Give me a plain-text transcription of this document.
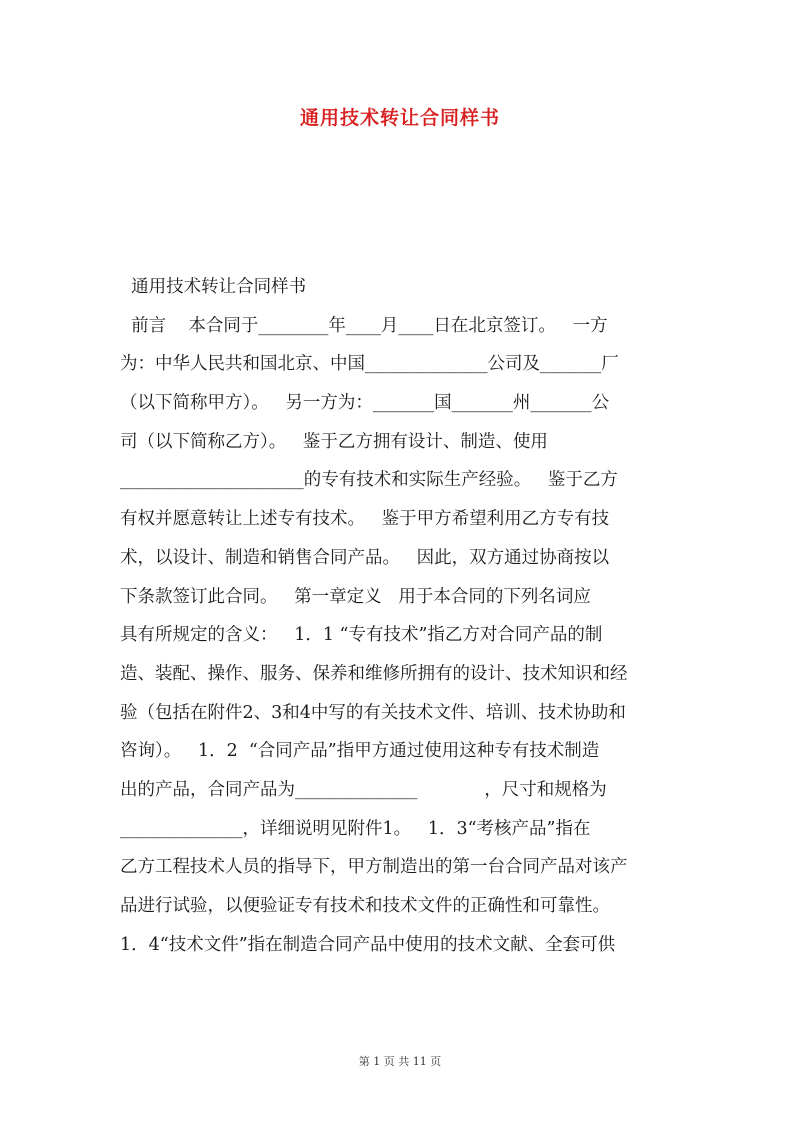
通用技术转让合同样书
通用技术转让合同样书
前言    本合同于________年____月____日在北京签订。   一方
为：中华人民共和国北京、中国______________公司及_______厂
（以下简称甲方）。   另一方为：_______国_______州_______公
司（以下简称乙方）。   鉴于乙方拥有设计、制造、使用
_____________________的专有技术和实际生产经验。   鉴于乙方
有权并愿意转让上述专有技术。   鉴于甲方希望利用乙方专有技
术，以设计、制造和销售合同产品。   因此，双方通过协商按以
下条款签订此合同。   第一章定义   用于本合同的下列名词应
具有所规定的含义：   1．1 “专有技术”指乙方对合同产品的制
造、装配、操作、服务、保养和维修所拥有的设计、技术知识和经
验（包括在附件2、3和4中写的有关技术文件、培训、技术协助和
咨询）。   1．2  “合同产品”指甲方通过使用这种专有技术制造
出的产品，合同产品为______________            ，尺寸和规格为
______________，详细说明见附件1。   1．3“考核产品”指在
乙方工程技术人员的指导下，甲方制造出的第一台合同产品对该产
品进行试验，以便验证专有技术和技术文件的正确性和可靠性。
1．4“技术文件”指在制造合同产品中使用的技术文献、全套可供
第 1 页 共 11 页
